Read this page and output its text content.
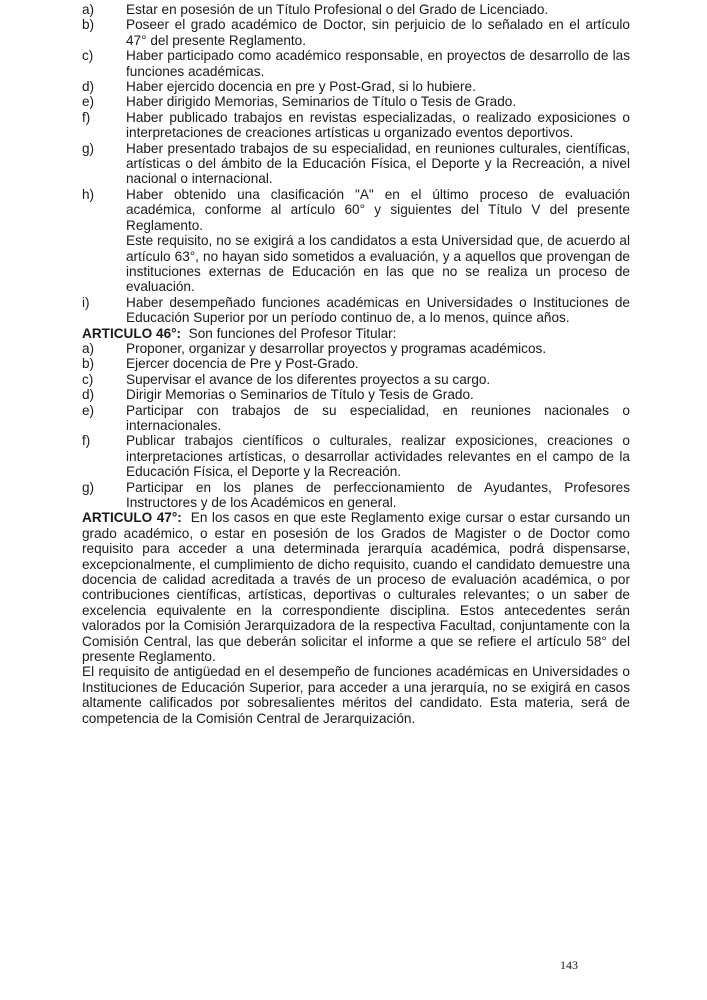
a)	Estar en posesión de un Título Profesional o del Grado de Licenciado.
b)	Poseer el grado académico de Doctor, sin perjuicio de lo señalado en el artículo 47° del presente Reglamento.
c)	Haber participado como académico responsable, en proyectos de desarrollo de las funciones académicas.
d)	Haber ejercido docencia en pre y Post-Grad, si lo hubiere.
e)	Haber dirigido Memorias, Seminarios de Título o Tesis de Grado.
f)	Haber publicado trabajos en revistas especializadas, o realizado exposiciones o interpretaciones de creaciones artísticas u organizado eventos deportivos.
g)	Haber presentado trabajos de su especialidad, en reuniones culturales, científicas, artísticas o del ámbito de la Educación Física, el Deporte y la Recreación, a nivel nacional o internacional.
h)	Haber obtenido una clasificación "A" en el último proceso de evaluación académica, conforme al artículo 60° y siguientes del Título V del presente Reglamento.
Este requisito, no se exigirá a los candidatos a esta Universidad que, de acuerdo al artículo 63°, no hayan sido sometidos a evaluación, y a aquellos que provengan de instituciones externas de Educación en las que no se realiza un proceso de evaluación.
i)	Haber desempeñado funciones académicas en Universidades o Instituciones de Educación Superior por un período continuo de, a lo menos, quince años.
ARTICULO 46°: Son funciones del Profesor Titular:
a)	Proponer, organizar y desarrollar proyectos y programas académicos.
b)	Ejercer docencia de Pre y Post-Grado.
c)	Supervisar el avance de los diferentes proyectos a su cargo.
d)	Dirigir Memorias o Seminarios de Título y Tesis de Grado.
e)	Participar con trabajos de su especialidad, en reuniones nacionales o internacionales.
f)	Publicar trabajos científicos o culturales, realizar exposiciones, creaciones o interpretaciones artísticas, o desarrollar actividades relevantes en el campo de la Educación Física, el Deporte y la Recreación.
g)	Participar en los planes de perfeccionamiento de Ayudantes, Profesores Instructores y de los Académicos en general.
ARTICULO 47°: En los casos en que este Reglamento exige cursar o estar cursando un grado académico, o estar en posesión de los Grados de Magister o de Doctor como requisito para acceder a una determinada jerarquía académica, podrá dispensarse, excepcionalmente, el cumplimiento de dicho requisito, cuando el candidato demuestre una docencia de calidad acreditada a través de un proceso de evaluación académica, o por contribuciones científicas, artísticas, deportivas o culturales relevantes; o un saber de excelencia equivalente en la correspondiente disciplina. Estos antecedentes serán valorados por la Comisión Jerarquizadora de la respectiva Facultad, conjuntamente con la Comisión Central, las que deberán solicitar el informe a que se refiere el artículo 58° del presente Reglamento.
El requisito de antigüedad en el desempeño de funciones académicas en Universidades o Instituciones de Educación Superior, para acceder a una jerarquía, no se exigirá en casos altamente calificados por sobresalientes méritos del candidato. Esta materia, será de competencia de la Comisión Central de Jerarquización.
143
